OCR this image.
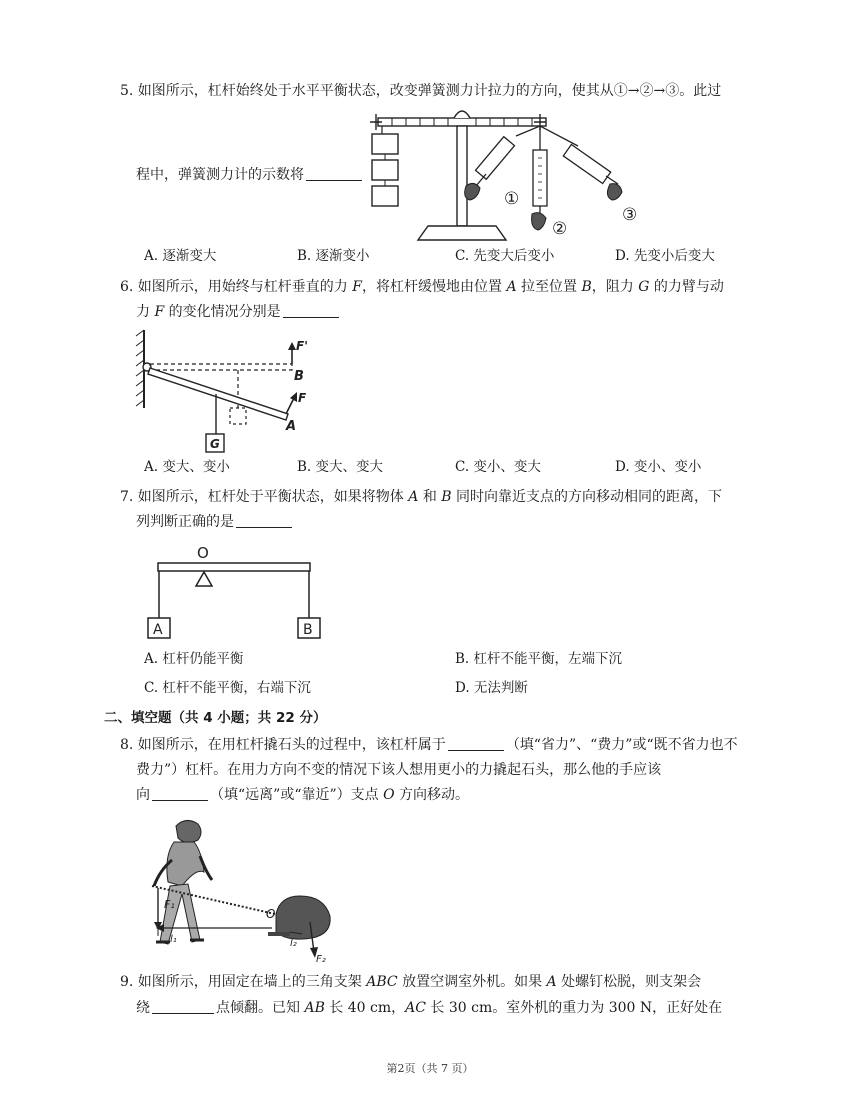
5. 如图所示，杠杆始终处于水平平衡状态，改变弹簧测力计拉力的方向，使其从①→②→③。此过
①
②
③
程中，弹簧测力计的示数将
A. 逐渐变大	B. 逐渐变小	C. 先变大后变小	D. 先变小后变大
6. 如图所示，用始终与杠杆垂直的力 F，将杠杆缓慢地由位置 A 拉至位置 B，阻力 G 的力臂与动
力 F 的变化情况分别是
F'
B
F
A
G
A. 变大、变小	B. 变大、变大	C. 变小、变大	D. 变小、变小
7. 如图所示，杠杆处于平衡状态，如果将物体 A 和 B 同时向靠近支点的方向移动相同的距离，下
列判断正确的是
O
A	B
A. 杠杆仍能平衡	B. 杠杆不能平衡，左端下沉
C. 杠杆不能平衡，右端下沉	D. 无法判断
二、填空题（共 4 小题；共 22 分）
8. 如图所示，在用杠杆撬石头的过程中，该杠杆属于	（填“省力”、“费力”或“既不省力也不
费力”）杠杆。在用力方向不变的情况下该人想用更小的力撬起石头，那么他的手应该
向	（填“远离”或“靠近”）支点 O 方向移动。
F₁
l₁
O
l₂
F₂
9. 如图所示，用固定在墙上的三角支架 ABC 放置空调室外机。如果 A 处螺钉松脱，则支架会
绕	点倾翻。已知 AB 长 40 cm，AC 长 30 cm。室外机的重力为 300 N，正好处在
第2页（共 7 页）
